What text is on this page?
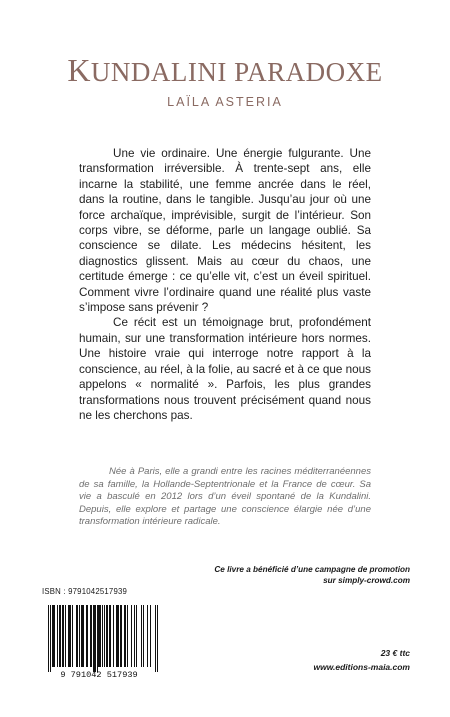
KUNDALINI PARADOXE
LAÏLA ASTERIA

Une vie ordinaire. Une énergie fulgurante. Une transformation irréversible. À trente-sept ans, elle incarne la stabilité, une femme ancrée dans le réel, dans la routine, dans le tangible. Jusqu’au jour où une force archaïque, imprévisible, surgit de l’intérieur. Son corps vibre, se déforme, parle un langage oublié. Sa conscience se dilate. Les médecins hésitent, les diagnostics glissent. Mais au cœur du chaos, une certitude émerge : ce qu’elle vit, c’est un éveil spirituel. Comment vivre l’ordinaire quand une réalité plus vaste s’impose sans prévenir ?

Ce récit est un témoignage brut, profondément humain, sur une transformation intérieure hors normes. Une histoire vraie qui interroge notre rapport à la conscience, au réel, à la folie, au sacré et à ce que nous appelons « normalité ». Parfois, les plus grandes transformations nous trouvent précisément quand nous ne les cherchons pas.

Née à Paris, elle a grandi entre les racines méditerranéennes de sa famille, la Hollande-Septentrionale et la France de cœur. Sa vie a basculé en 2012 lors d’un éveil spontané de la Kundalini. Depuis, elle explore et partage une conscience élargie née d’une transformation intérieure radicale.

Ce livre a bénéficié d’une campagne de promotion
sur simply-crowd.com
ISBN : 9791042517939
9 791042 517939
23 € ttc
www.editions-maia.com
